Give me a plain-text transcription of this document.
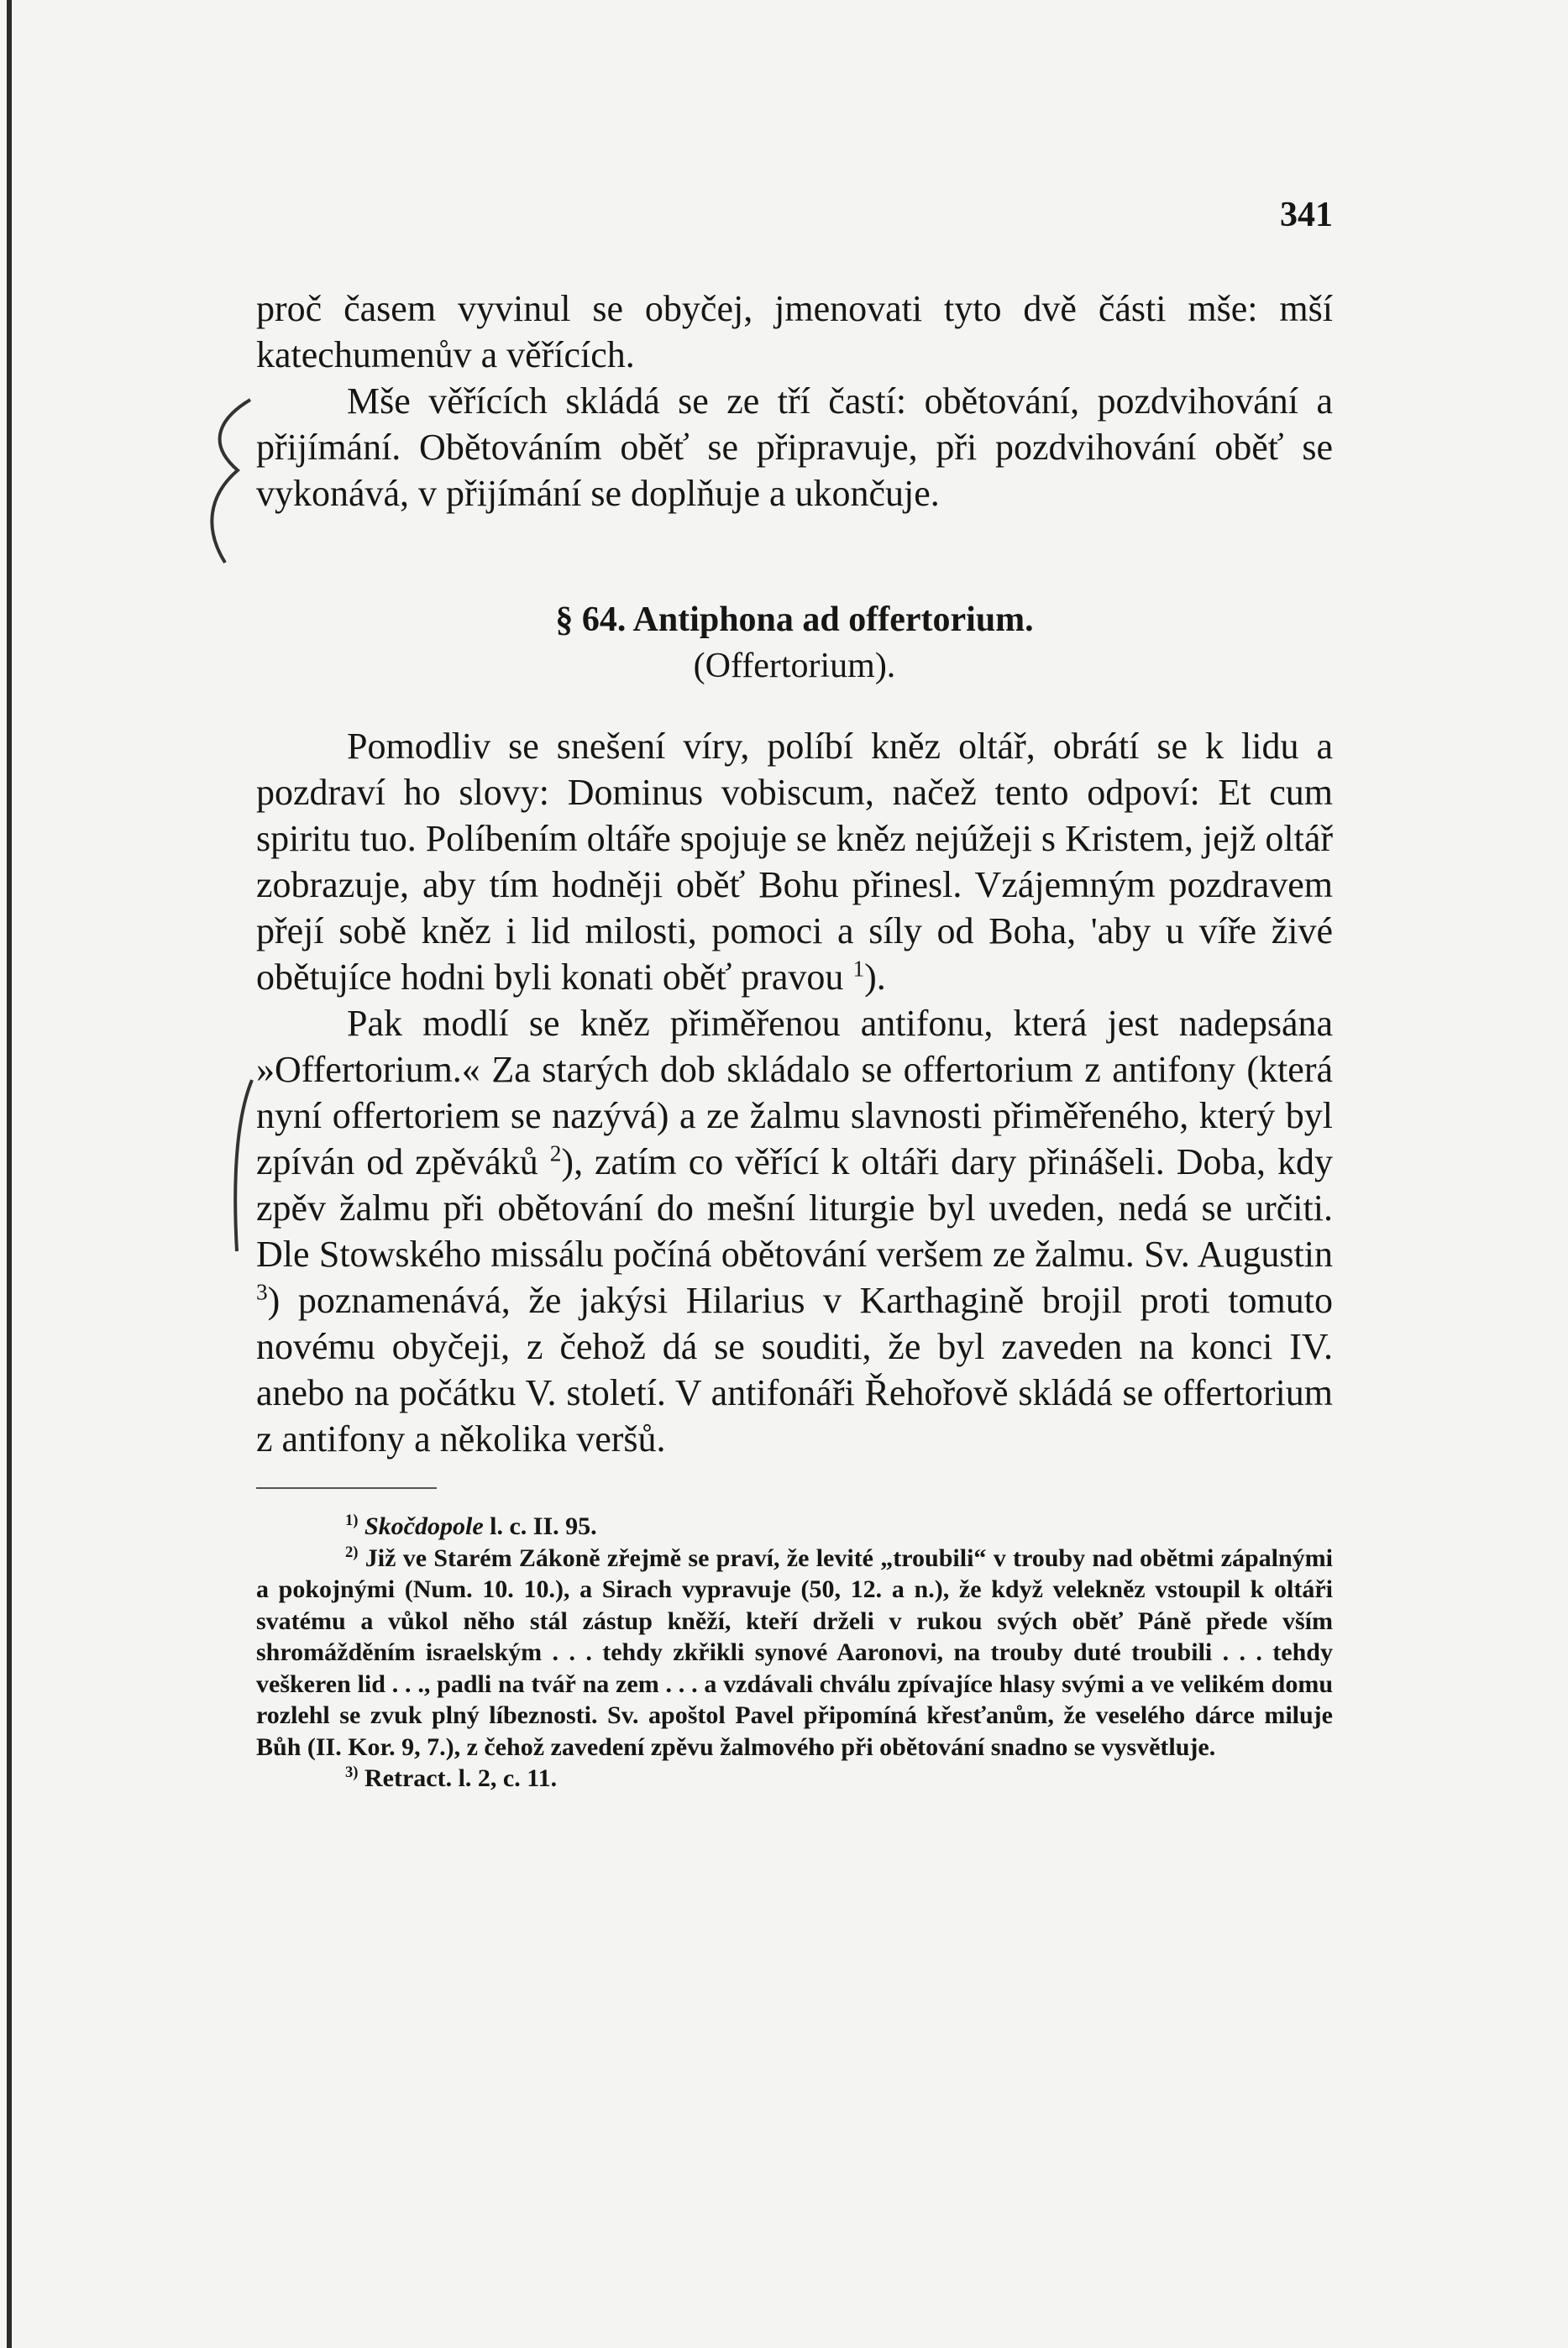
341

proč časem vyvinul se obyčej, jmenovati tyto dvě části mše: mší katechumenův a věřících.

Mše věřících skládá se ze tří častí: obětování, pozdvihování a přijímání. Obětováním oběť se připravuje, při pozdvihování oběť se vykonává, v přijímání se doplňuje a ukončuje.

§ 64. Antiphona ad offertorium.

(Offertorium).

Pomodliv se snešení víry, políbí kněz oltář, obrátí se k lidu a pozdraví ho slovy: Dominus vobiscum, načež tento odpoví: Et cum spiritu tuo. Políbením oltáře spojuje se kněz nejúžeji s Kristem, jejž oltář zobrazuje, aby tím hodněji oběť Bohu přinesl. Vzájemným pozdravem přejí sobě kněz i lid milosti, pomoci a síly od Boha, 'aby u víře živé obětujíce hodni byli konati oběť pravou $^1$).

Pak modlí se kněz přiměřenou antifonu, která jest nadepsána »Offertorium.« Za starých dob skládalo se offertorium z antifony (která nyní offertoriem se nazývá) a ze žalmu slavnosti přiměřeného, který byl zpíván od zpěváků $^2$), zatím co věřící k oltáři dary přinášeli. Doba, kdy zpěv žalmu při obětování do mešní liturgie byl uveden, nedá se určiti. Dle Stowského missálu počíná obětování veršem ze žalmu. Sv. Augustin $^3$) poznamenává, že jakýsi Hilarius v Karthagině brojil proti tomuto novému obyčeji, z čehož dá se souditi, že byl zaveden na konci IV. anebo na počátku V. století. V antifonáři Řehořově skládá se offertorium z antifony a několika veršů.

$^{1)}$ Skočdopole l. c. II. 95.

$^{2)}$ Již ve Starém Zákoně zřejmě se praví, že levité „troubili“ v trouby nad obětmi zápalnými a pokojnými (Num. 10. 10.), a Sirach vypravuje (50, 12. a n.), že když velekněz vstoupil k oltáři svatému a vůkol něho stál zástup kněží, kteří drželi v rukou svých oběť Páně přede vším shromážděním israelským . . . tehdy zkřikli synové Aaronovi, na trouby duté troubili . . . tehdy veškeren lid . . ., padli na tvář na zem . . . a vzdávali chválu zpívajíce hlasy svými a ve velikém domu rozlehl se zvuk plný líbeznosti. Sv. apoštol Pavel připomíná křesťanům, že veselého dárce miluje Bůh (II. Kor. 9, 7.), z čehož zavedení zpěvu žalmového při obětování snadno se vysvětluje.

$^{3)}$ Retract. l. 2, c. 11.
